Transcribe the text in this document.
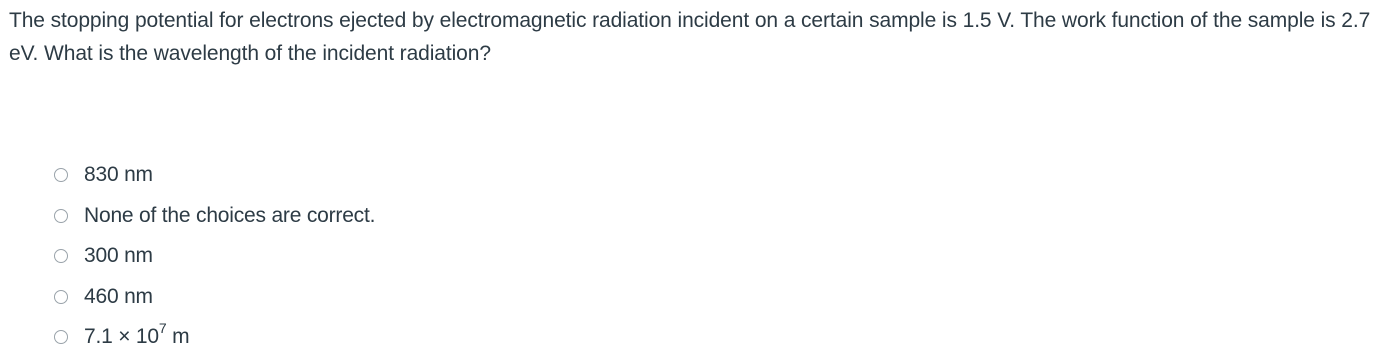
The stopping potential for electrons ejected by electromagnetic radiation incident on a certain sample is 1.5 V. The work function of the sample is 2.7 eV. What is the wavelength of the incident radiation?
830 nm
None of the choices are correct.
300 nm
460 nm
$7.1 \times 10^7$ m
